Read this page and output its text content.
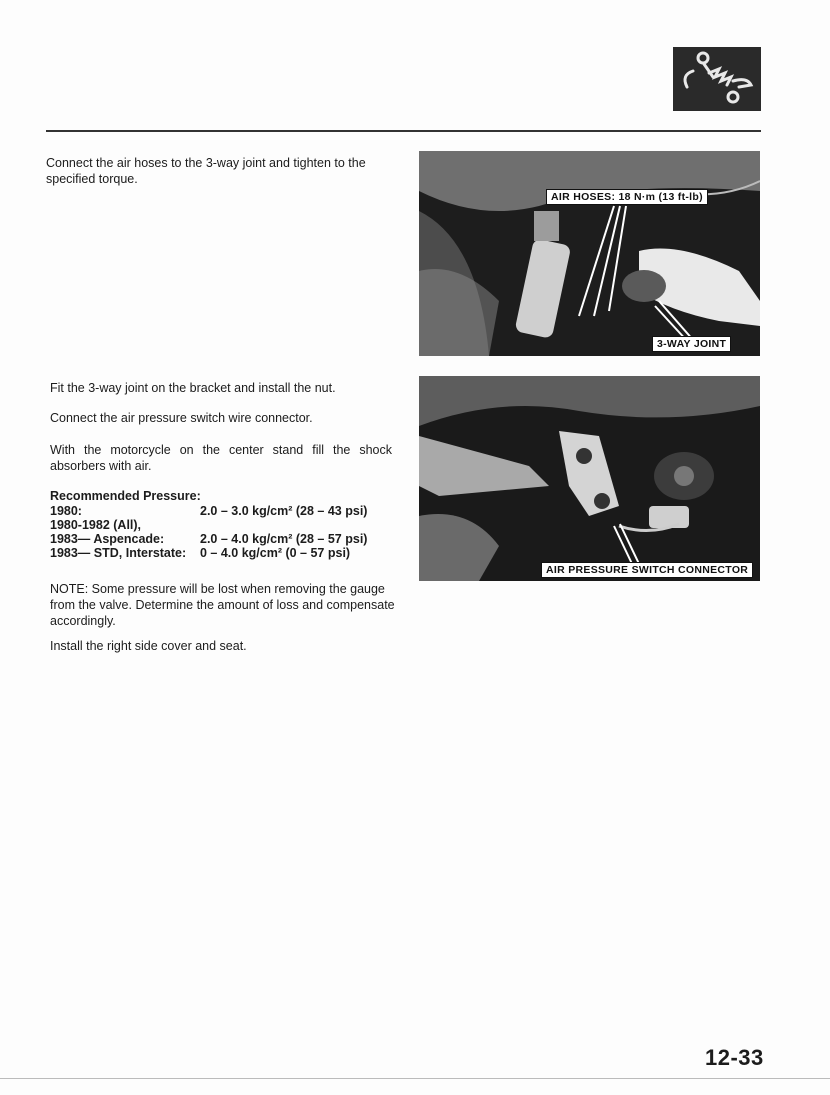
Connect the air hoses to the 3-way joint and tighten to the specified torque.
AIR HOSES: 18 N·m (13 ft-lb)
3-WAY JOINT
Fit the 3-way joint on the bracket and install the nut.
Connect the air pressure switch wire connector.
With the motorcycle on the center stand fill the shock absorbers with air.
Recommended Pressure:
1980:	2.0 – 3.0 kg/cm² (28 – 43 psi)
1980-1982 (All),	
1983— Aspencade:	2.0 – 4.0 kg/cm² (28 – 57 psi)
1983— STD, Interstate:	0 – 4.0 kg/cm² (0 – 57 psi)
AIR PRESSURE SWITCH CONNECTOR
NOTE: Some pressure will be lost when removing the gauge from the valve. Determine the amount of loss and compensate accordingly.
Install the right side cover and seat.
12-33
